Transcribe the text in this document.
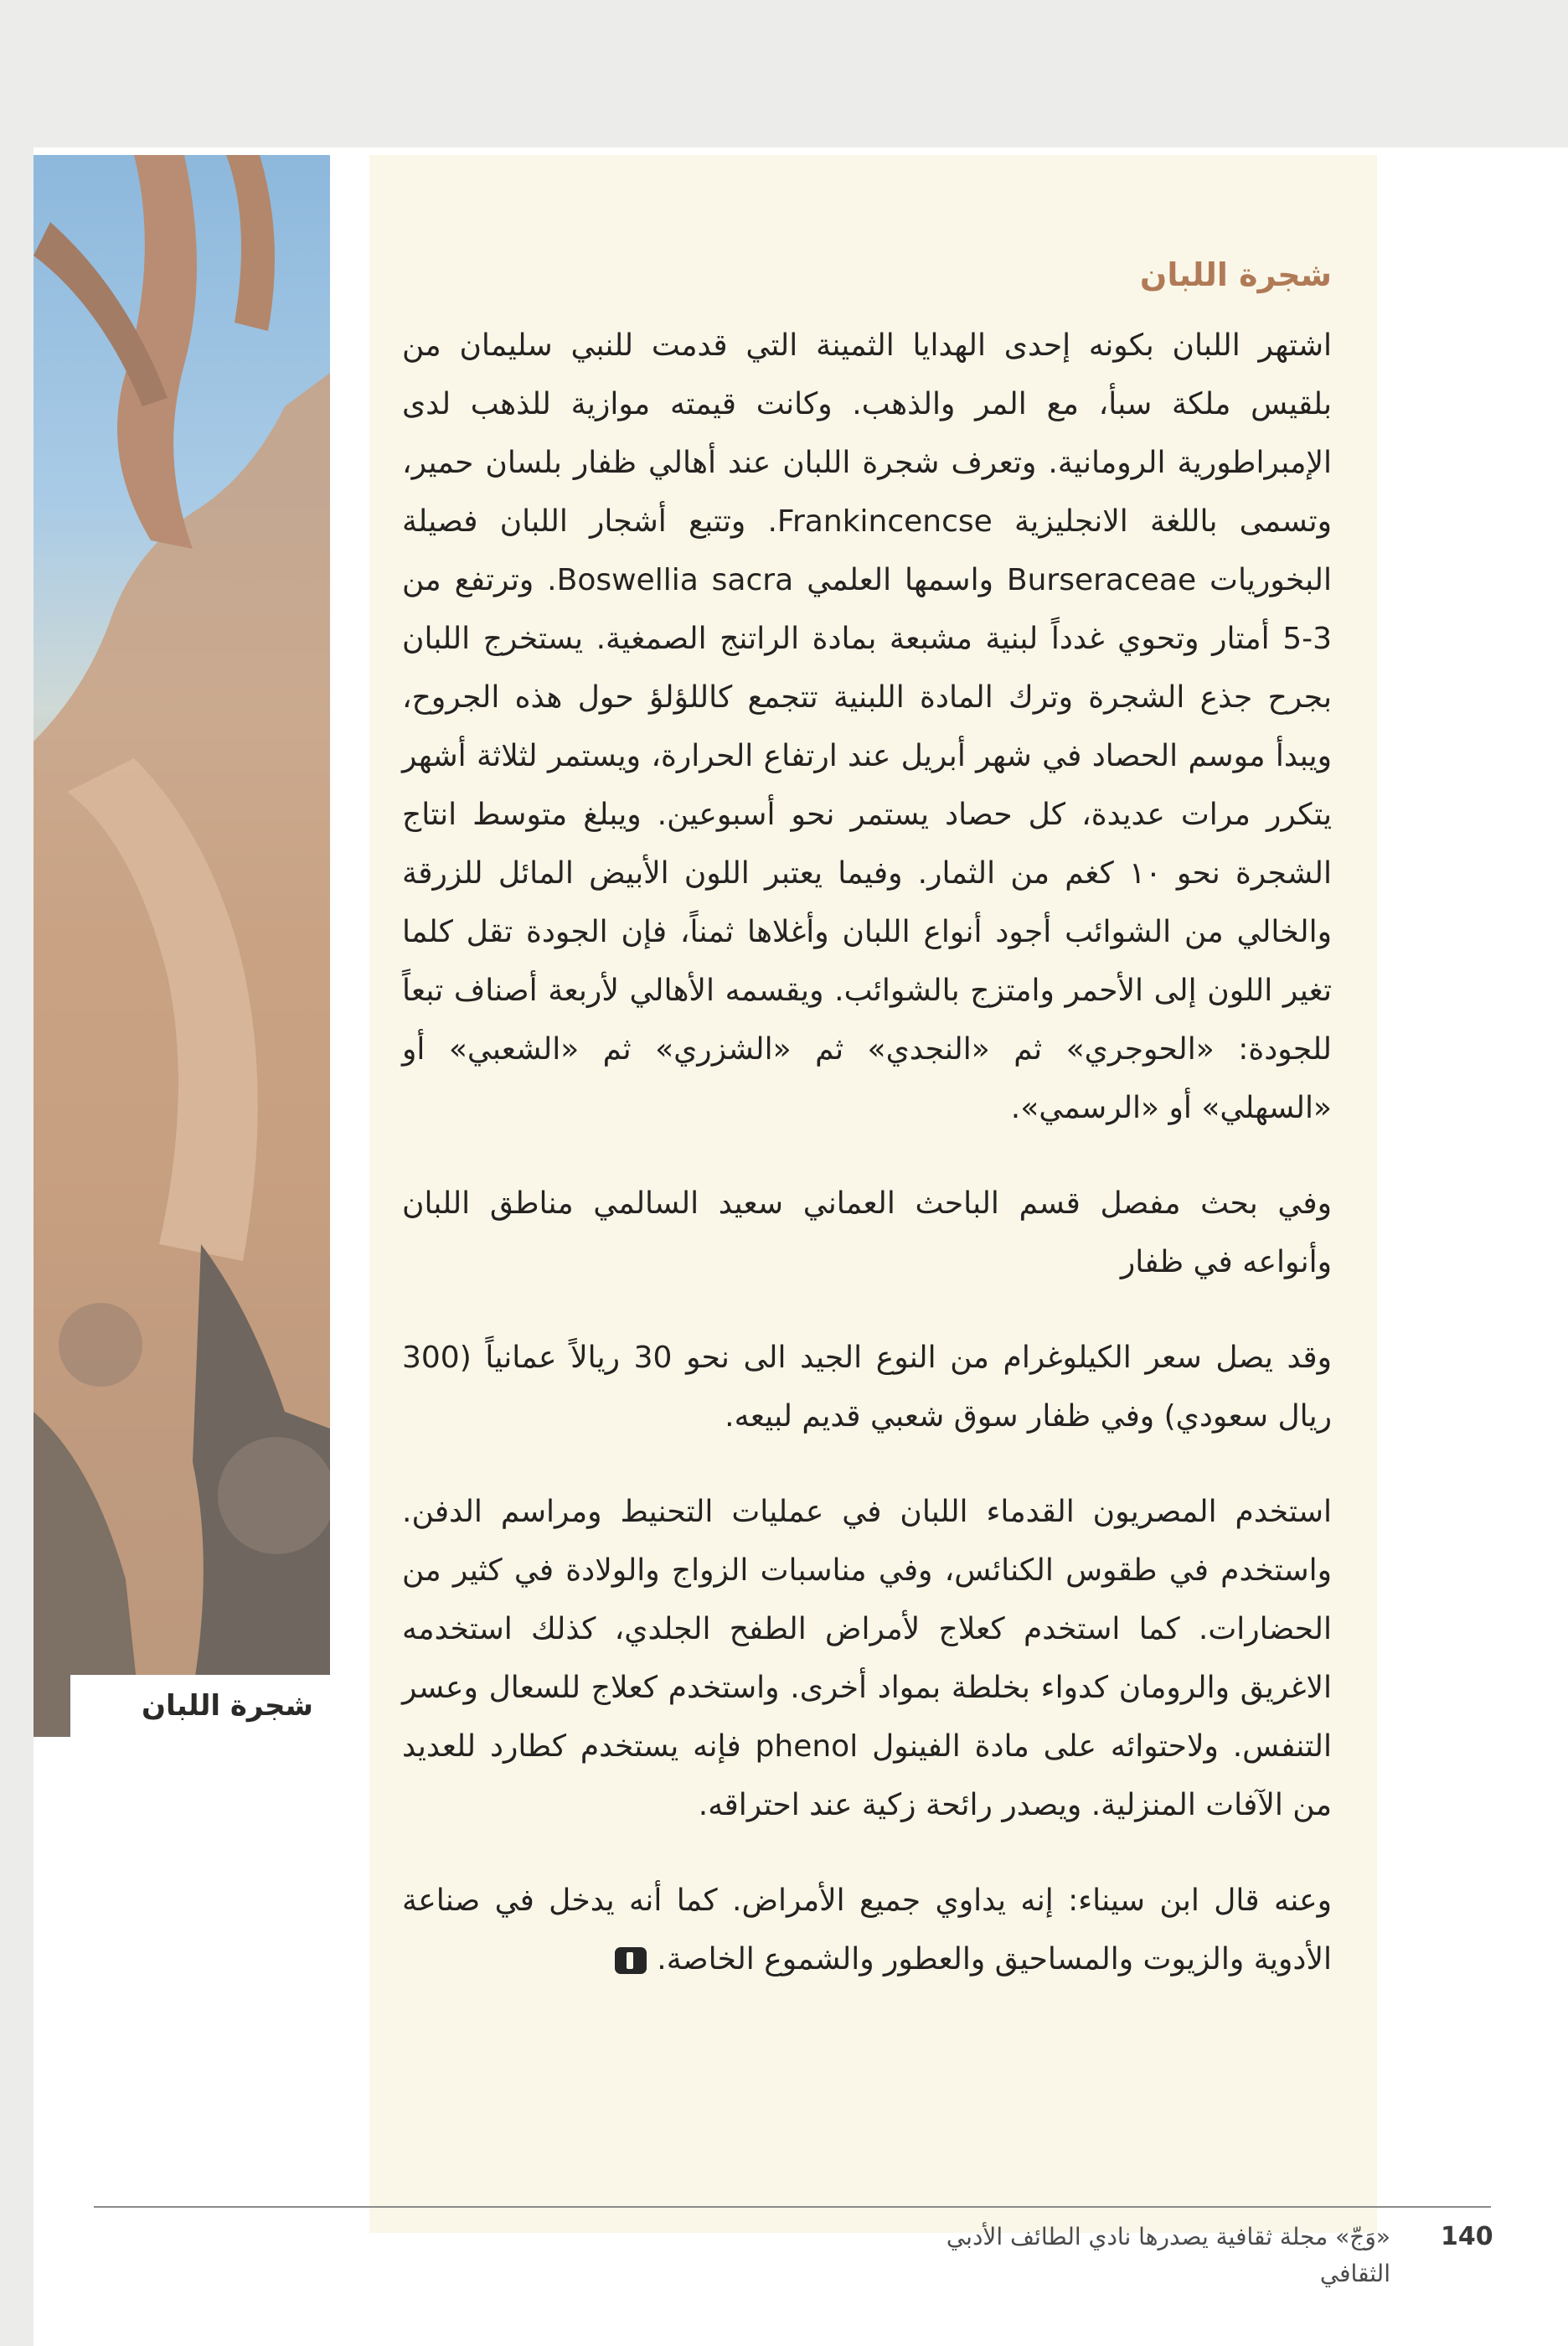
شجرة اللبان
شجرة اللبان

اشتهر اللبان بكونه إحدى الهدايا الثمينة التي قدمت للنبي سليمان من بلقيس ملكة سبأ، مع المر والذهب. وكانت قيمته موازية للذهب لدى الإمبراطورية الرومانية. وتعرف شجرة اللبان عند أهالي ظفار بلسان حمير، وتسمى باللغة الانجليزية Frankincencse. وتتبع أشجار اللبان فصيلة البخوريات Burseraceae واسمها العلمي Boswellia sacra. وترتفع من 3-5 أمتار وتحوي غدداً لبنية مشبعة بمادة الراتنج الصمغية. يستخرج اللبان بجرح جذع الشجرة وترك المادة اللبنية تتجمع كاللؤلؤ حول هذه الجروح، ويبدأ موسم الحصاد في شهر أبريل عند ارتفاع الحرارة، ويستمر لثلاثة أشهر يتكرر مرات عديدة، كل حصاد يستمر نحو أسبوعين. ويبلغ متوسط انتاج الشجرة نحو ١٠ كغم من الثمار. وفيما يعتبر اللون الأبيض المائل للزرقة والخالي من الشوائب أجود أنواع اللبان وأغلاها ثمناً، فإن الجودة تقل كلما تغير اللون إلى الأحمر وامتزج بالشوائب. ويقسمه الأهالي لأربعة أصناف تبعاً للجودة: «الحوجري» ثم «النجدي» ثم «الشزري» ثم «الشعبي» أو «السهلي» أو «الرسمي».

وفي بحث مفصل قسم الباحث العماني سعيد السالمي مناطق اللبان وأنواعه في ظفار

وقد يصل سعر الكيلوغرام من النوع الجيد الى نحو 30 ريالاً عمانياً (300 ريال سعودي) وفي ظفار سوق شعبي قديم لبيعه.

استخدم المصريون القدماء اللبان في عمليات التحنيط ومراسم الدفن. واستخدم في طقوس الكنائس، وفي مناسبات الزواج والولادة في كثير من الحضارات. كما استخدم كعلاج لأمراض الطفح الجلدي، كذلك استخدمه الاغريق والرومان كدواء بخلطة بمواد أخرى. واستخدم كعلاج للسعال وعسر التنفس. ولاحتوائه على مادة الفينول phenol فإنه يستخدم كطارد للعديد من الآفات المنزلية. ويصدر رائحة زكية عند احتراقه.

وعنه قال ابن سيناء: إنه يداوي جميع الأمراض. كما أنه يدخل في صناعة الأدوية والزيوت والمساحيق والعطور والشموع الخاصة.

«وَجّ» مجلة ثقافية يصدرها نادي الطائف الأدبي الثقافي
140
